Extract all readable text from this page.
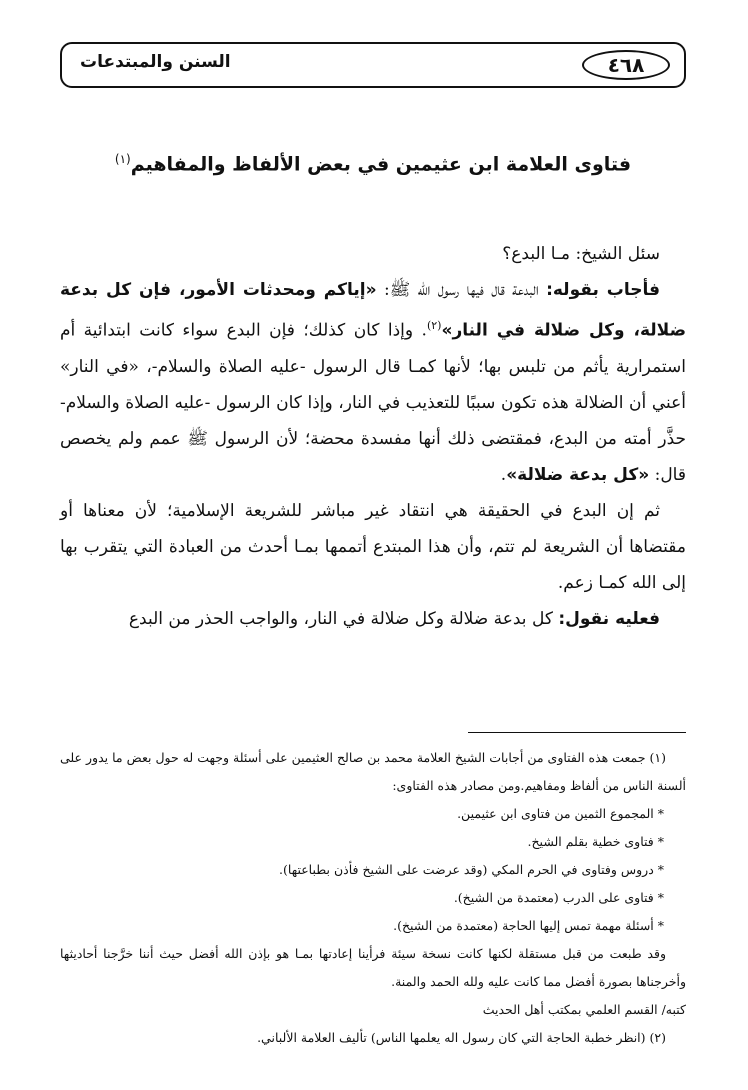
السنن والمبتدعات	٤٦٨
فتاوى العلامة ابن عثيمين في بعض الألفاظ والمفاهيم$^{(١)}$

سئل الشيخ: مـا البدع؟

فأجاب بقوله: البدعة قال فيها رسول الله ﷺ: «إياكم ومحدثات الأمور، فإن كل بدعة ضلالة، وكل ضلالة في النار»$^{(٢)}$. وإذا كان كذلك؛ فإن البدع سواء كانت ابتدائية أم استمرارية يأثم من تلبس بها؛ لأنها كمـا قال الرسول -عليه الصلاة والسلام-، «في النار» أعني أن الضلالة هذه تكون سببًا للتعذيب في النار، وإذا كان الرسول -عليه الصلاة والسلام- حذَّر أمته من البدع، فمقتضى ذلك أنها مفسدة محضة؛ لأن الرسول ﷺ عمم ولم يخصص قال: «كل بدعة ضلالة».

ثم إن البدع في الحقيقة هي انتقاد غير مباشر للشريعة الإسلامية؛ لأن معناها أو مقتضاها أن الشريعة لم تتم، وأن هذا المبتدع أتممها بمـا أحدث من العبادة التي يتقرب بها إلى الله كمـا زعم.

فعليه نقول: كل بدعة ضلالة وكل ضلالة في النار، والواجب الحذر من البدع

(١) جمعت هذه الفتاوى من أجابات الشيخ العلامة محمد بن صالح العثيمين على أسئلة وجهت له حول بعض ما يدور على ألسنة الناس من ألفاظ ومفاهيم.ومن مصادر هذه الفتاوى:

* المجموع الثمين من فتاوى ابن عثيمين.

* فتاوى خطية بقلم الشيخ.

* دروس وفتاوى في الحرم المكي (وقد عرضت على الشيخ فأذن بطباعتها).

* فتاوى على الدرب (معتمدة من الشيخ).

* أسئلة مهمة تمس إليها الحاجة (معتمدة من الشيخ).

وقد طبعت من قبل مستقلة لكنها كانت نسخة سيئة فرأينا إعادتها بمـا هو بإذن الله أفضل حيث أننا خرَّجنا أحاديثها وأخرجناها بصورة أفضل مما كانت عليه ولله الحمد والمنة.

كتبه/ القسم العلمي بمكتب أهل الحديث

(٢) (انظر خطبة الحاجة التي كان رسول اله يعلمها الناس) تأليف العلامة الألباني.
